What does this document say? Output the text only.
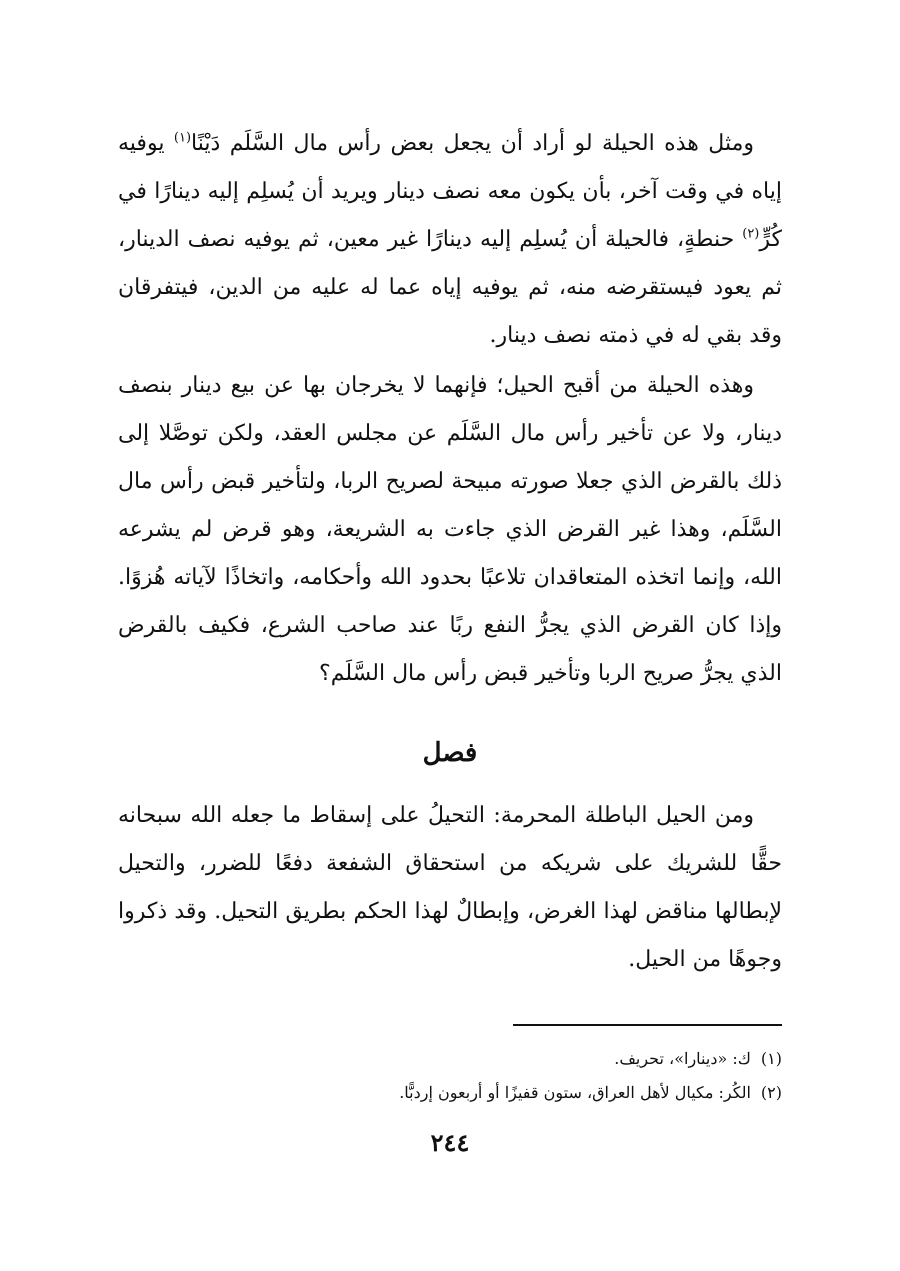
ومثل هذه الحيلة لو أراد أن يجعل بعض رأس مال السَّلَم دَيْنًا$^{(١)}$ يوفيه إياه في وقت آخر، بأن يكون معه نصف دينار ويريد أن يُسلِم إليه دينارًا في كُرٍّ$^{(٢)}$ حنطةٍ، فالحيلة أن يُسلِم إليه دينارًا غير معين، ثم يوفيه نصف الدينار، ثم يعود فيستقرضه منه، ثم يوفيه إياه عما له عليه من الدين، فيتفرقان وقد بقي له في ذمته نصف دينار.

وهذه الحيلة من أقبح الحيل؛ فإنهما لا يخرجان بها عن بيع دينار بنصف دينار، ولا عن تأخير رأس مال السَّلَم عن مجلس العقد، ولكن توصَّلا إلى ذلك بالقرض الذي جعلا صورته مبيحة لصريح الربا، ولتأخير قبض رأس مال السَّلَم، وهذا غير القرض الذي جاءت به الشريعة، وهو قرض لم يشرعه الله، وإنما اتخذه المتعاقدان تلاعبًا بحدود الله وأحكامه، واتخاذًا لآياته هُزوًا. وإذا كان القرض الذي يجرُّ النفع ربًا عند صاحب الشرع، فكيف بالقرض الذي يجرُّ صريح الربا وتأخير قبض رأس مال السَّلَم؟

فصل

ومن الحيل الباطلة المحرمة: التحيلُ على إسقاط ما جعله الله سبحانه حقًّا للشريك على شريكه من استحقاق الشفعة دفعًا للضرر، والتحيل لإبطالها مناقض لهذا الغرض، وإبطالٌ لهذا الحكم بطريق التحيل. وقد ذكروا وجوهًا من الحيل.

(١)ك: «دينارا»، تحريف.

(٢)الكُر: مكيال لأهل العراق، ستون قفيزًا أو أربعون إردبًّا.

٢٤٤
